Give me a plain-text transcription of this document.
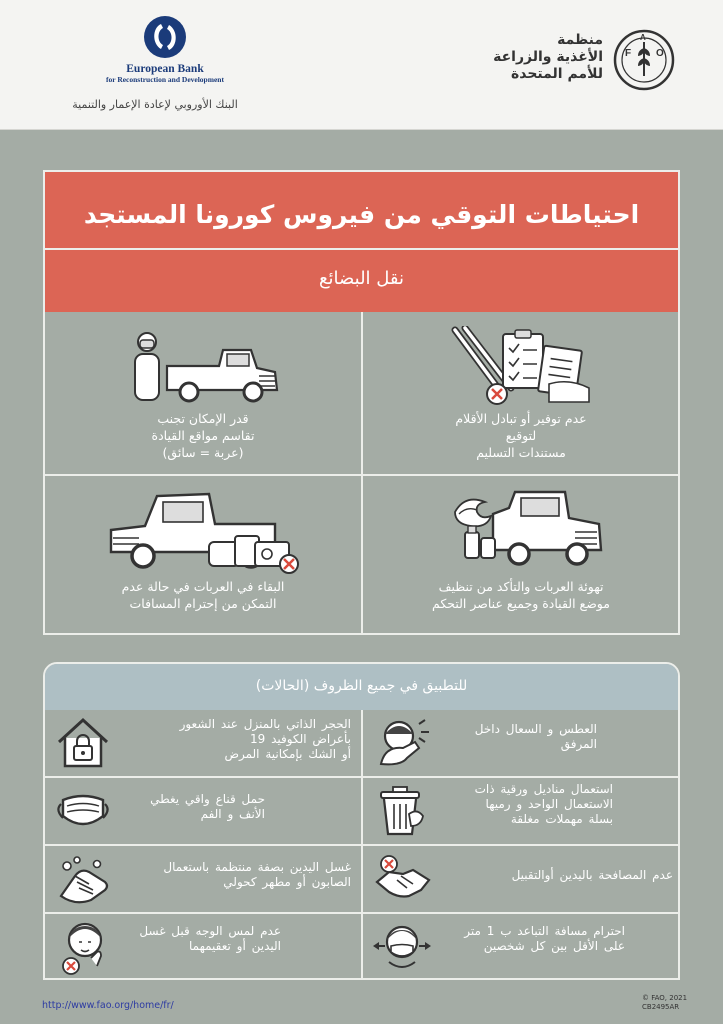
European Bank
for Reconstruction and Development
البنك الأوروبي لإعادة الإعمار والتنمية
منظمة
الأغذية والزراعة
للأمم المتحدة
F
A
O
احتياطات التوقي من فيروس كورونا المستجد
نقل البضائع
قدر الإمكان تجنب
تقاسم مواقع القيادة
(عربة = سائق)
عدم توفير أو تبادل الأقلام
لتوقيع
مستندات التسليم
البقاء في العربات في حالة عدم
التمكن من إحترام المسافات
تهوئة العربات والتأكد من تنظيف
موضع القيادة وجميع عناصر التحكم
للتطبيق في جميع الظروف (الحالات)
الحجر الذاتي بالمنزل عند الشعور
بأعراض الكوفيد 19
أو الشك بإمكانية المرض
العطس و السعال داخل
المرفق
حمل قناع واقي يغطي
الأنف و الفم
استعمال مناديل ورقية ذات
الاستعمال الواحد و رميها
بسلة مهملات مغلقة
غسل اليدين بصفة منتظمة باستعمال
الصابون أو مطهر كحولي	عدم المصافحة باليدين أوالتقبيل
عدم لمس الوجه قبل غسل
اليدين أو تعقيمهما
احترام مسافة التباعد ب 1 متر
على الأقل بين كل شخصين
http://www.fao.org/home/fr/
© FAO, 2021
CB2495AR
